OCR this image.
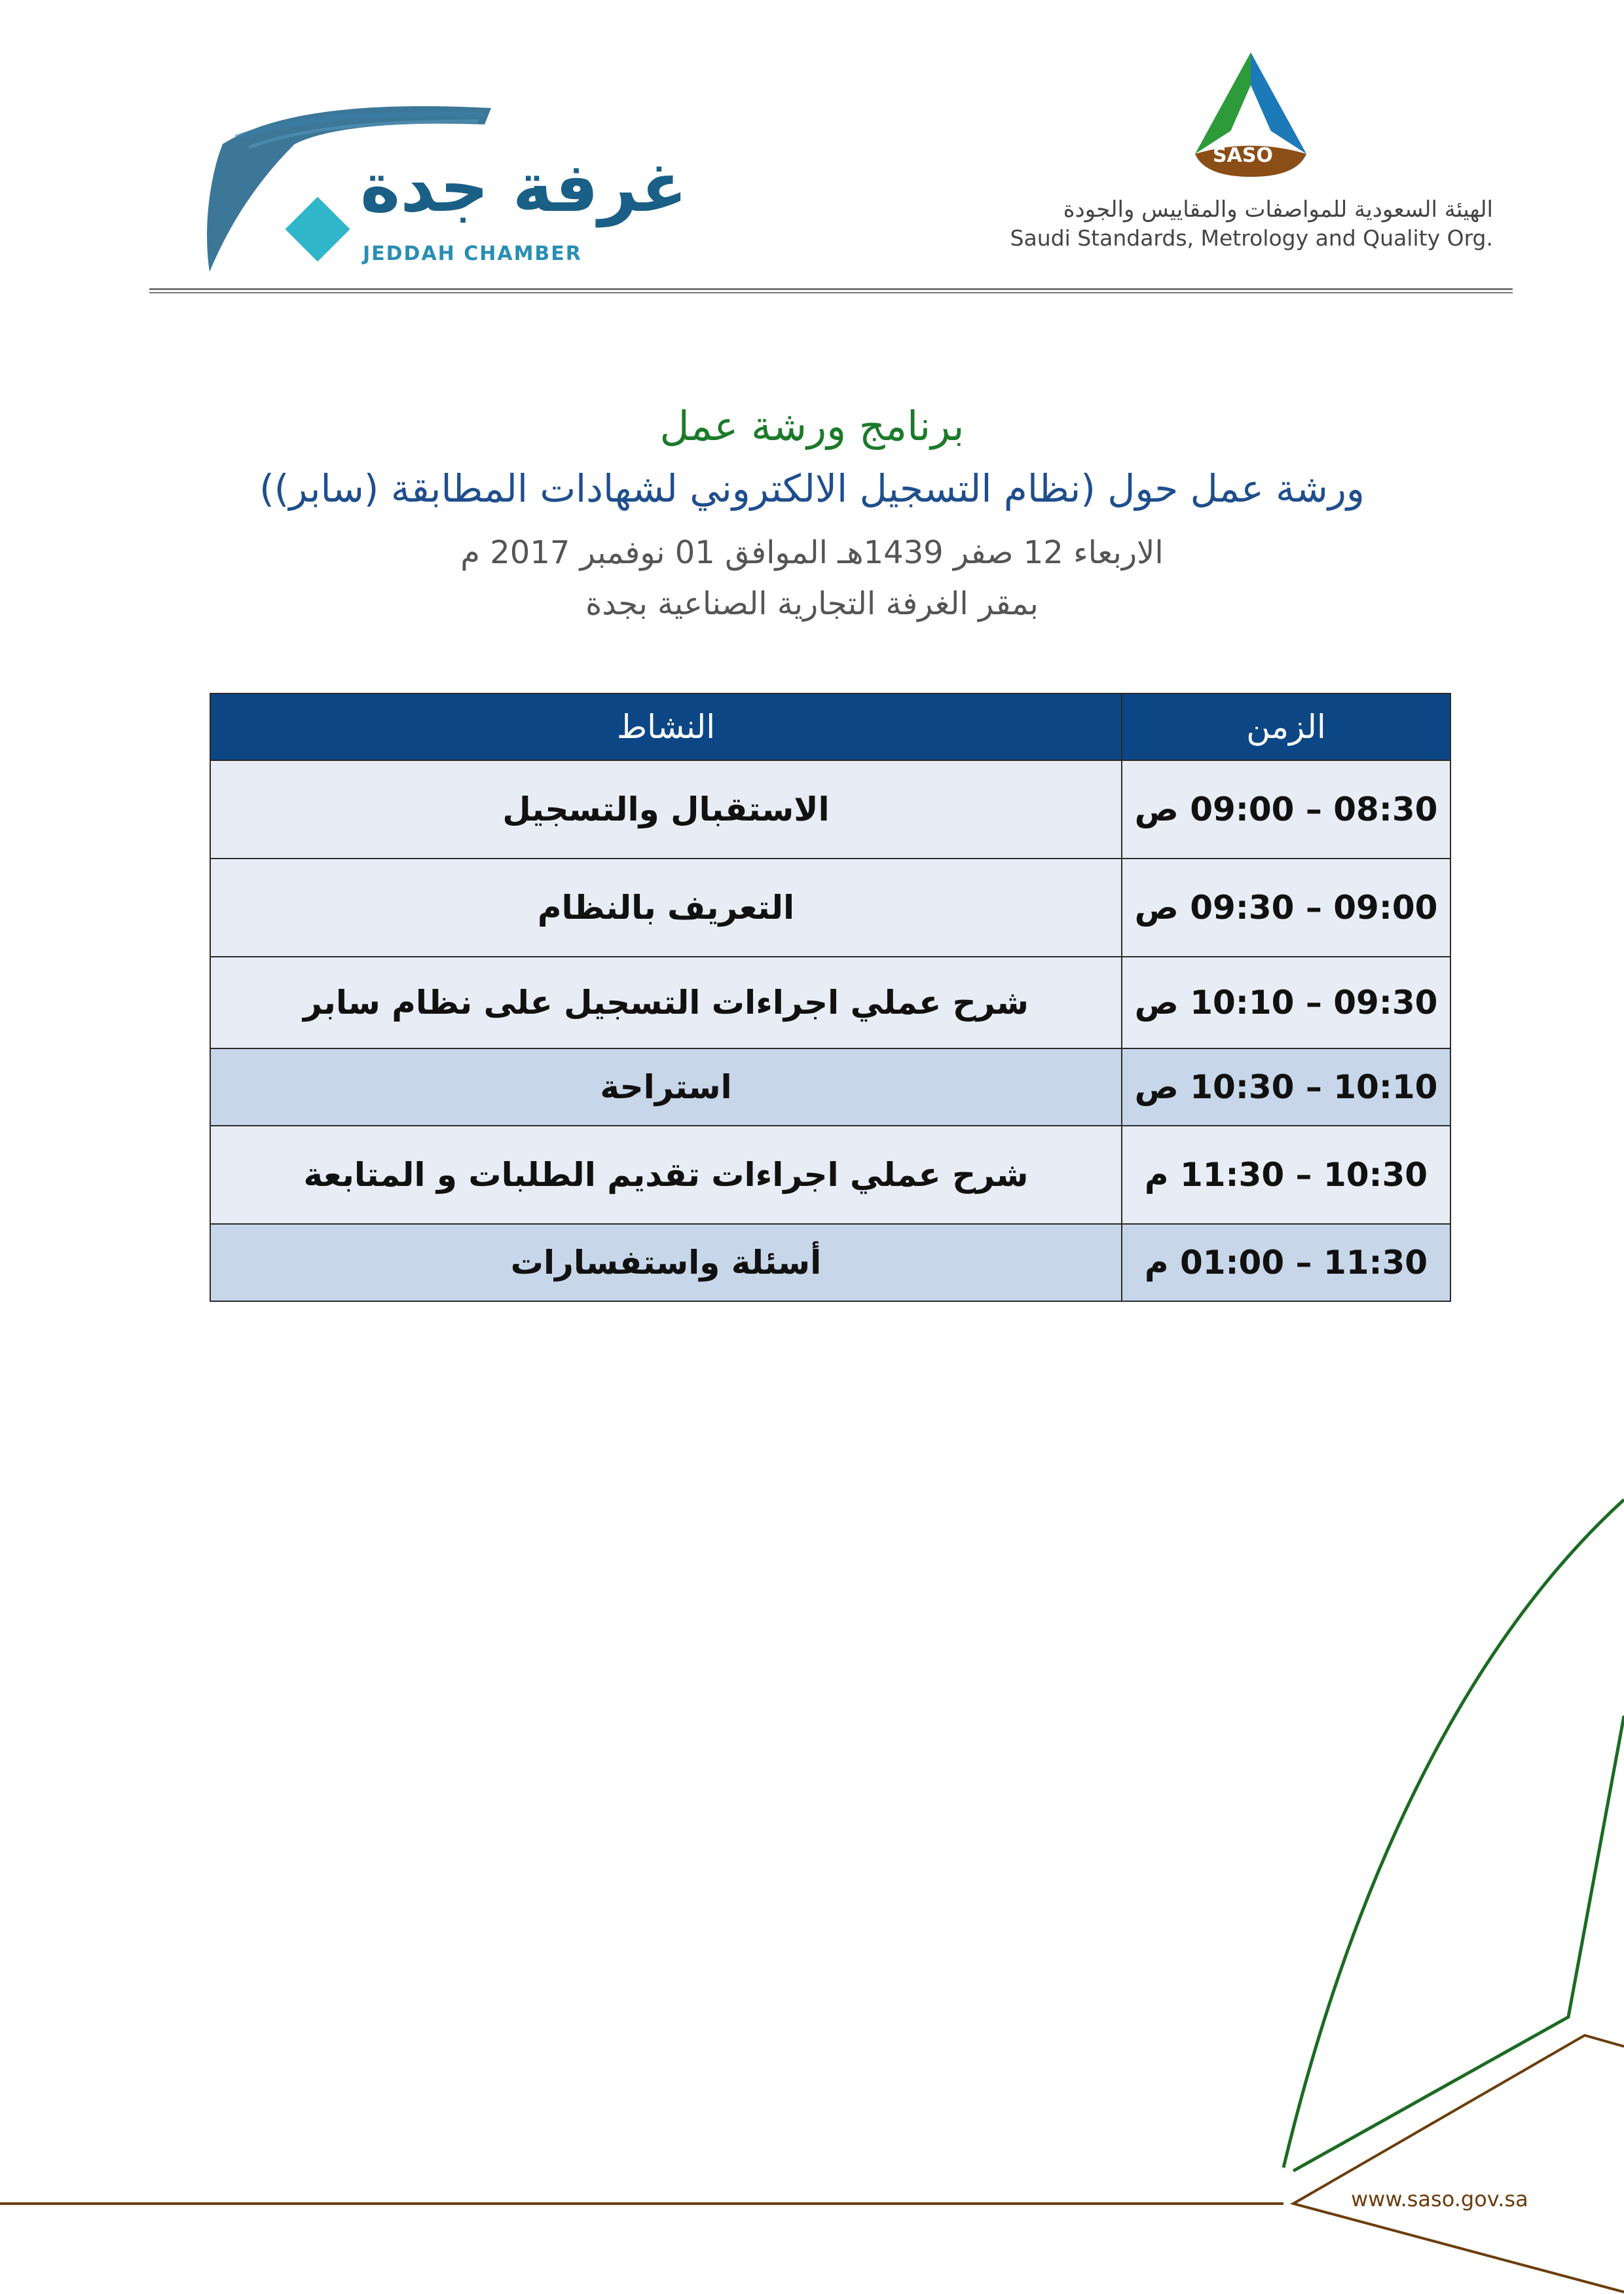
غرفة جدة
JEDDAH CHAMBER
SASO
الهيئة السعودية للمواصفات والمقاييس والجودة
Saudi Standards, Metrology and Quality Org.
برنامج ورشة عمل
ورشة عمل حول (نظام التسجيل الالكتروني لشهادات المطابقة (سابر))
الاربعاء 12 صفر 1439هـ الموافق 01 نوفمبر 2017 م
بمقر الغرفة التجارية الصناعية بجدة
الزمن	النشاط
08:30 – 09:00 ص	الاستقبال والتسجيل
09:00 – 09:30 ص	التعريف بالنظام
09:30 – 10:10 ص	شرح عملي اجراءات التسجيل على نظام سابر
10:10 – 10:30 ص	استراحة
10:30 – 11:30 م	شرح عملي اجراءات تقديم الطلبات و المتابعة
11:30 – 01:00 م	أسئلة واستفسارات
www.saso.gov.sa
